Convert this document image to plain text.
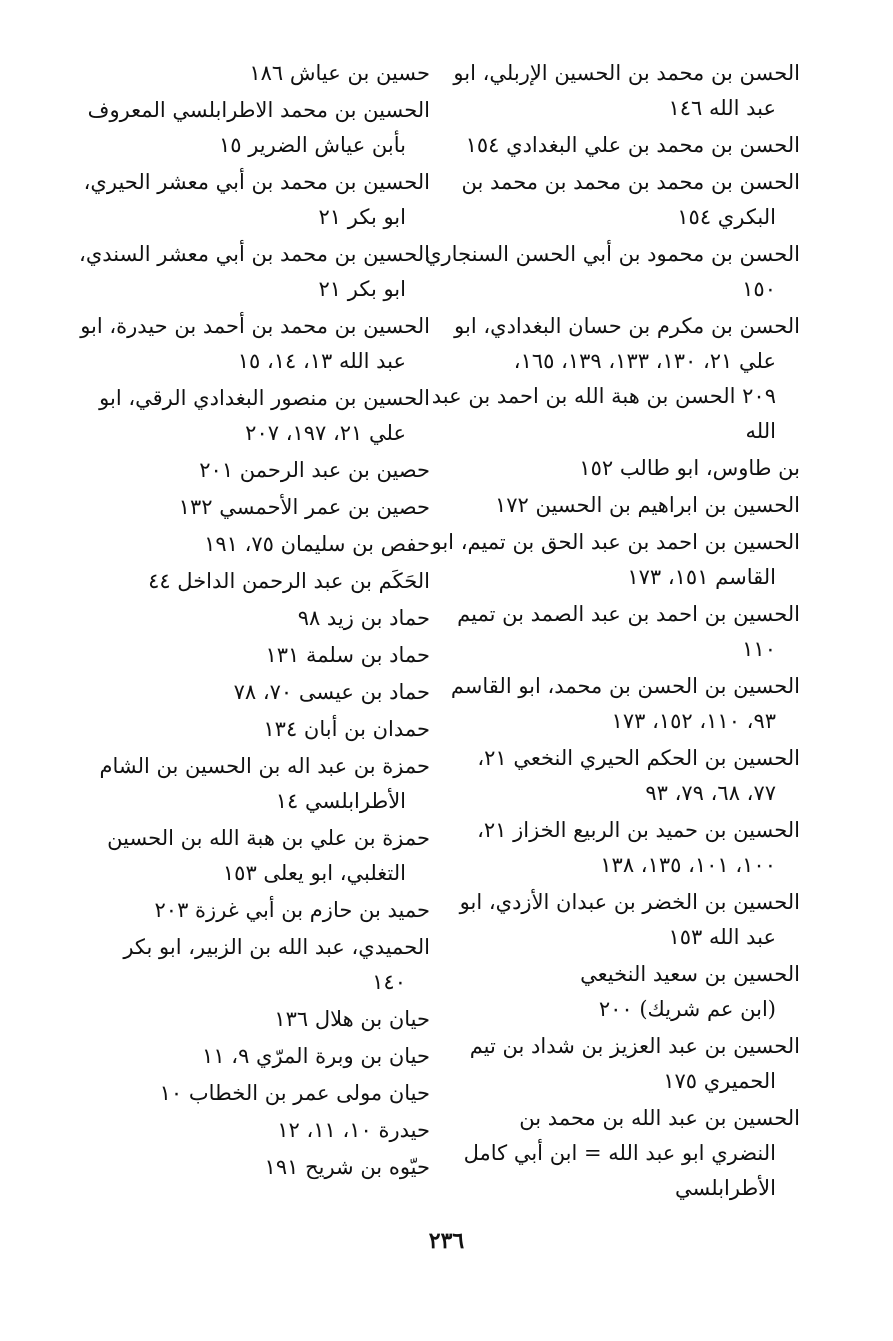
الحسن بن محمد بن الحسين الإربلي، ابو
عبد الله ١٤٦
الحسن بن محمد بن علي البغدادي ١٥٤
الحسن بن محمد بن محمد بن محمد بن
البكري ١٥٤
الحسن بن محمود بن أبي الحسن السنجاري
١٥٠
الحسن بن مكرم بن حسان البغدادي، ابو
علي ٢١، ١٣٠، ١٣٣، ١٣٩، ١٦٥،
٢٠٩ الحسن بن هبة الله بن احمد بن عبد
الله
بن طاوس، ابو طالب ١٥٢
الحسين بن ابراهيم بن الحسين ١٧٢
الحسين بن احمد بن عبد الحق بن تميم، ابو
القاسم ١٥١، ١٧٣
الحسين بن احمد بن عبد الصمد بن تميم
١١٠
الحسين بن الحسن بن محمد، ابو القاسم
٩٣، ١١٠، ١٥٢، ١٧٣
الحسين بن الحكم الحيري النخعي ٢١،
٧٧، ٦٨، ٧٩، ٩٣
الحسين بن حميد بن الربيع الخزاز ٢١،
١٠٠، ١٠١، ١٣٥، ١٣٨
الحسين بن الخضر بن عبدان الأزدي، ابو
عبد الله ١٥٣
الحسين بن سعيد النخيعي
(ابن عم شريك) ٢٠٠
الحسين بن عبد العزيز بن شداد بن تيم
الحميري ١٧٥
الحسين بن عبد الله بن محمد بن
النضري ابو عبد الله = ابن أبي كامل
الأطرابلسي
حسين بن عياش ١٨٦
الحسين بن محمد الاطرابلسي المعروف
بأبن عياش الضرير ١٥
الحسين بن محمد بن أبي معشر الحيري،
ابو بكر ٢١
الحسين بن محمد بن أبي معشر السندي،
ابو بكر ٢١
الحسين بن محمد بن أحمد بن حيدرة، ابو
عبد الله ١٣، ١٤، ١٥
الحسين بن منصور البغدادي الرقي، ابو
علي ٢١، ١٩٧، ٢٠٧
حصين بن عبد الرحمن ٢٠١
حصين بن عمر الأحمسي ١٣٢
حفص بن سليمان ٧٥، ١٩١
الحَكَم بن عبد الرحمن الداخل ٤٤
حماد بن زيد ٩٨
حماد بن سلمة ١٣١
حماد بن عيسى ٧٠، ٧٨
حمدان بن أبان ١٣٤
حمزة بن عبد اله بن الحسين بن الشام
الأطرابلسي ١٤
حمزة بن علي بن هبة الله بن الحسين
التغلبي، ابو يعلى ١٥٣
حميد بن حازم بن أبي غرزة ٢٠٣
الحميدي، عبد الله بن الزبير، ابو بكر
١٤٠
حيان بن هلال ١٣٦
حيان بن وبرة المرّي ٩، ١١
حيان مولى عمر بن الخطاب ١٠
حيدرة ١٠، ١١، ١٢
حيّوه بن شريح ١٩١
٢٣٦
